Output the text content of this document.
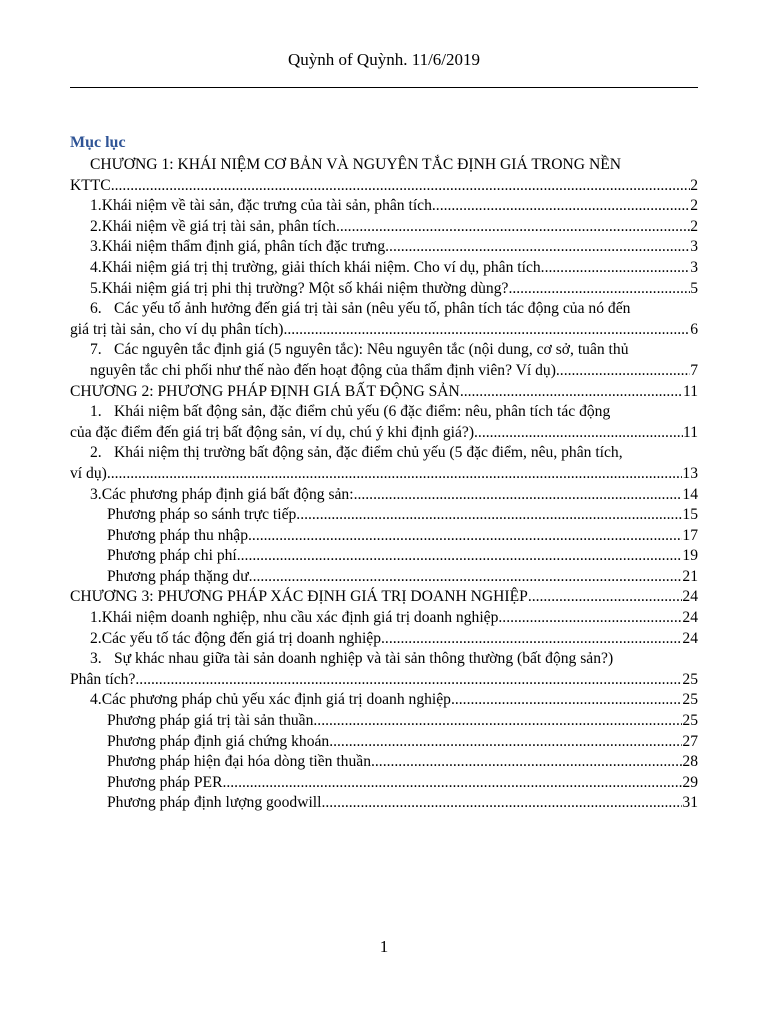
Quỳnh of Quỳnh. 11/6/2019
Mục lục
CHƯƠNG 1: KHÁI NIỆM CƠ BẢN VÀ NGUYÊN TẮC ĐỊNH GIÁ TRONG NỀN
KTTC .....	2
1. Khái niệm về tài sản, đặc trưng của tài sản, phân tích .....	2
2. Khái niệm về giá trị tài sản, phân tích .....	2
3. Khái niệm thẩm định giá, phân tích đặc trưng .....	3
4. Khái niệm giá trị thị trường, giải thích khái niệm. Cho ví dụ, phân tích .....	3
5. Khái niệm giá trị phi thị trường? Một số khái niệm thường dùng? .....	5
6. Các yếu tố ảnh hưởng đến giá trị tài sản (nêu yếu tố, phân tích tác động của nó đến
giá trị tài sản, cho ví dụ phân tích) .....	6
7. Các nguyên tắc định giá (5 nguyên tắc): Nêu nguyên tắc (nội dung, cơ sở, tuân thủ
nguyên tắc chi phối như thế nào đến hoạt động của thẩm định viên? Ví dụ) .....	7
CHƯƠNG 2: PHƯƠNG PHÁP ĐỊNH GIÁ BẤT ĐỘNG SẢN .....	11
1. Khái niệm bất động sản, đặc điểm chủ yếu (6 đặc điểm: nêu, phân tích tác động
của đặc điểm đến giá trị bất động sản, ví dụ, chú ý khi định giá?) .....	11
2. Khái niệm thị trường bất động sản, đặc điểm chủ yếu (5 đặc điểm, nêu, phân tích,
ví dụ) .....	13
3. Các phương pháp định giá bất động sản: .....	14
Phương pháp so sánh trực tiếp .....	15
Phương pháp thu nhập .....	17
Phương pháp chi phí .....	19
Phương pháp thặng dư .....	21
CHƯƠNG 3: PHƯƠNG PHÁP XÁC ĐỊNH GIÁ TRỊ DOANH NGHIỆP .....	24
1. Khái niệm doanh nghiệp, nhu cầu xác định giá trị doanh nghiệp .....	24
2. Các yếu tố tác động đến giá trị doanh nghiệp .....	24
3. Sự khác nhau giữa tài sản doanh nghiệp và tài sản thông thường (bất động sản?)
Phân tích? .....	25
4. Các phương pháp chủ yếu xác định giá trị doanh nghiệp .....	25
Phương pháp giá trị tài sản thuần .....	25
Phương pháp định giá chứng khoán .....	27
Phương pháp hiện đại hóa dòng tiền thuần .....	28
Phương pháp PER .....	29
Phương pháp định lượng goodwill .....	31
1
